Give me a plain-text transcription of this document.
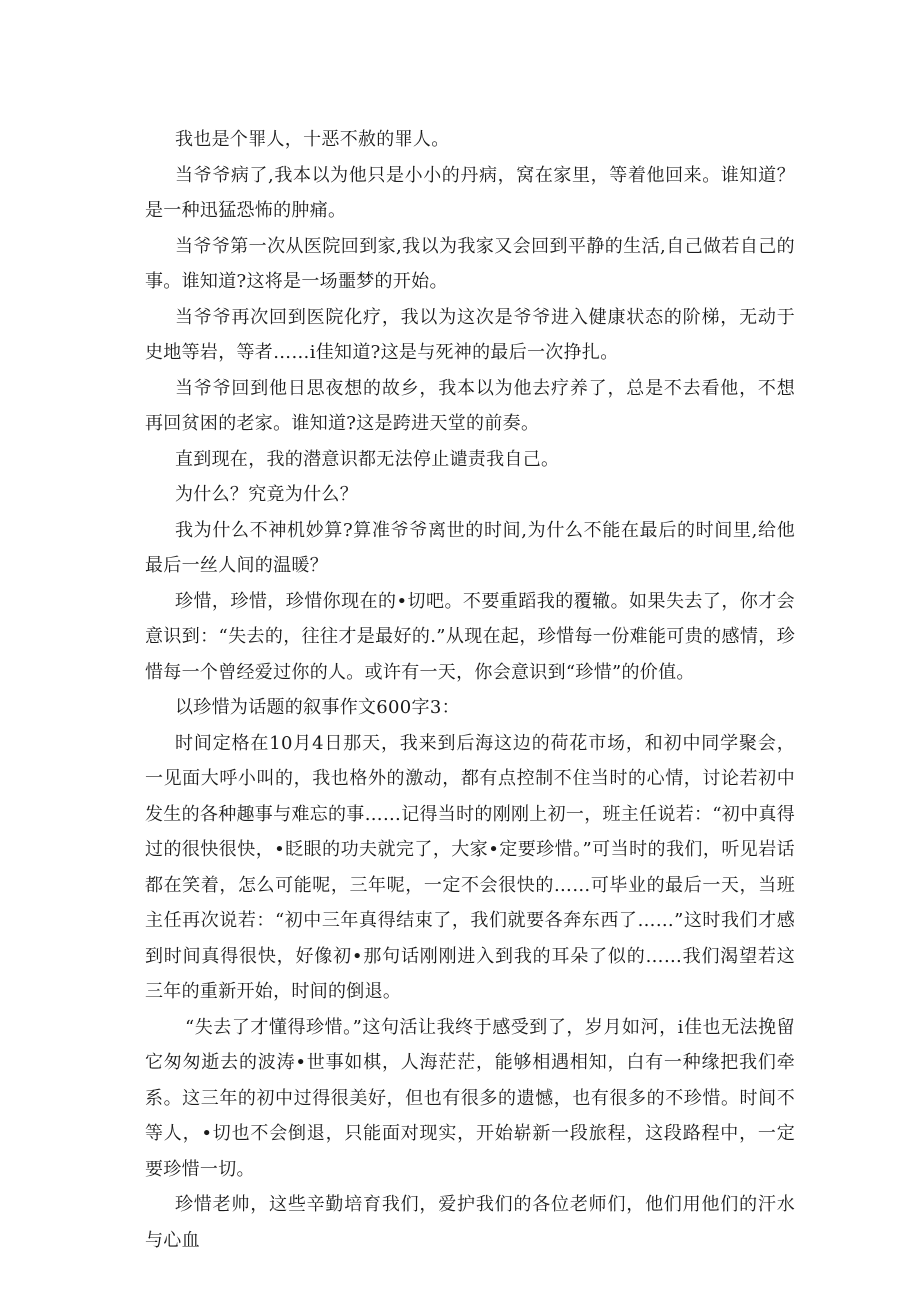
我也是个罪人，十恶不赦的罪人。

当爷爷病了,我本以为他只是小小的丹病，窝在家里，等着他回来。谁知道？是一种迅猛恐怖的肿痛。

当爷爷第一次从医院回到家,我以为我家又会回到平静的生活,自己做若自己的事。谁知道?这将是一场噩梦的开始。

当爷爷再次回到医院化疗，我以为这次是爷爷进入健康状态的阶梯，无动于史地等岩，等者……i佳知道?这是与死神的最后一次挣扎。

当爷爷回到他日思夜想的故乡，我本以为他去疗养了，总是不去看他，不想再回贫困的老家。谁知道?这是跨进天堂的前奏。

直到现在，我的潜意识都无法停止谴责我自己。

为什么？究竟为什么？

我为什么不神机妙算?算准爷爷离世的时间,为什么不能在最后的时间里,给他最后一丝人间的温暖？

珍惜，珍惜，珍惜你现在的•切吧。不要重蹈我的覆辙。如果失去了，你才会意识到：“失去的，往往才是最好的.”从现在起，珍惜每一份难能可贵的感情，珍惜每一个曾经爱过你的人。或许有一天，你会意识到“珍惜”的价值。

以珍惜为话题的叙事作文600字3：

时间定格在10月4日那天，我来到后海这边的荷花市场，和初中同学聚会，一见面大呼小叫的，我也格外的激动，都有点控制不住当时的心情，讨论若初中发生的各种趣事与难忘的事……记得当时的刚刚上初一，班主任说若：“初中真得过的很快很快，•眨眼的功夫就完了，大家•定要珍惜。”可当时的我们，听见岩话都在笑着，怎么可能呢，三年呢，一定不会很快的……可毕业的最后一天，当班主任再次说若：“初中三年真得结束了，我们就要各奔东西了……”这时我们才感到时间真得很快，好像初•那句话刚刚进入到我的耳朵了似的……我们渴望若这三年的重新开始，时间的倒退。

“失去了才懂得珍惜。”这句活让我终于感受到了，岁月如河，i佳也无法挽留它匆匆逝去的波涛•世事如棋，人海茫茫，能够相遇相知，白有一种缘把我们牵系。这三年的初中过得很美好，但也有很多的遗憾，也有很多的不珍惜。时间不等人，•切也不会倒退，只能面对现实，开始崭新一段旅程，这段路程中，一定要珍惜一切。

珍惜老帅，这些辛勤培育我们，爱护我们的各位老师们，他们用他们的汗水与心血
